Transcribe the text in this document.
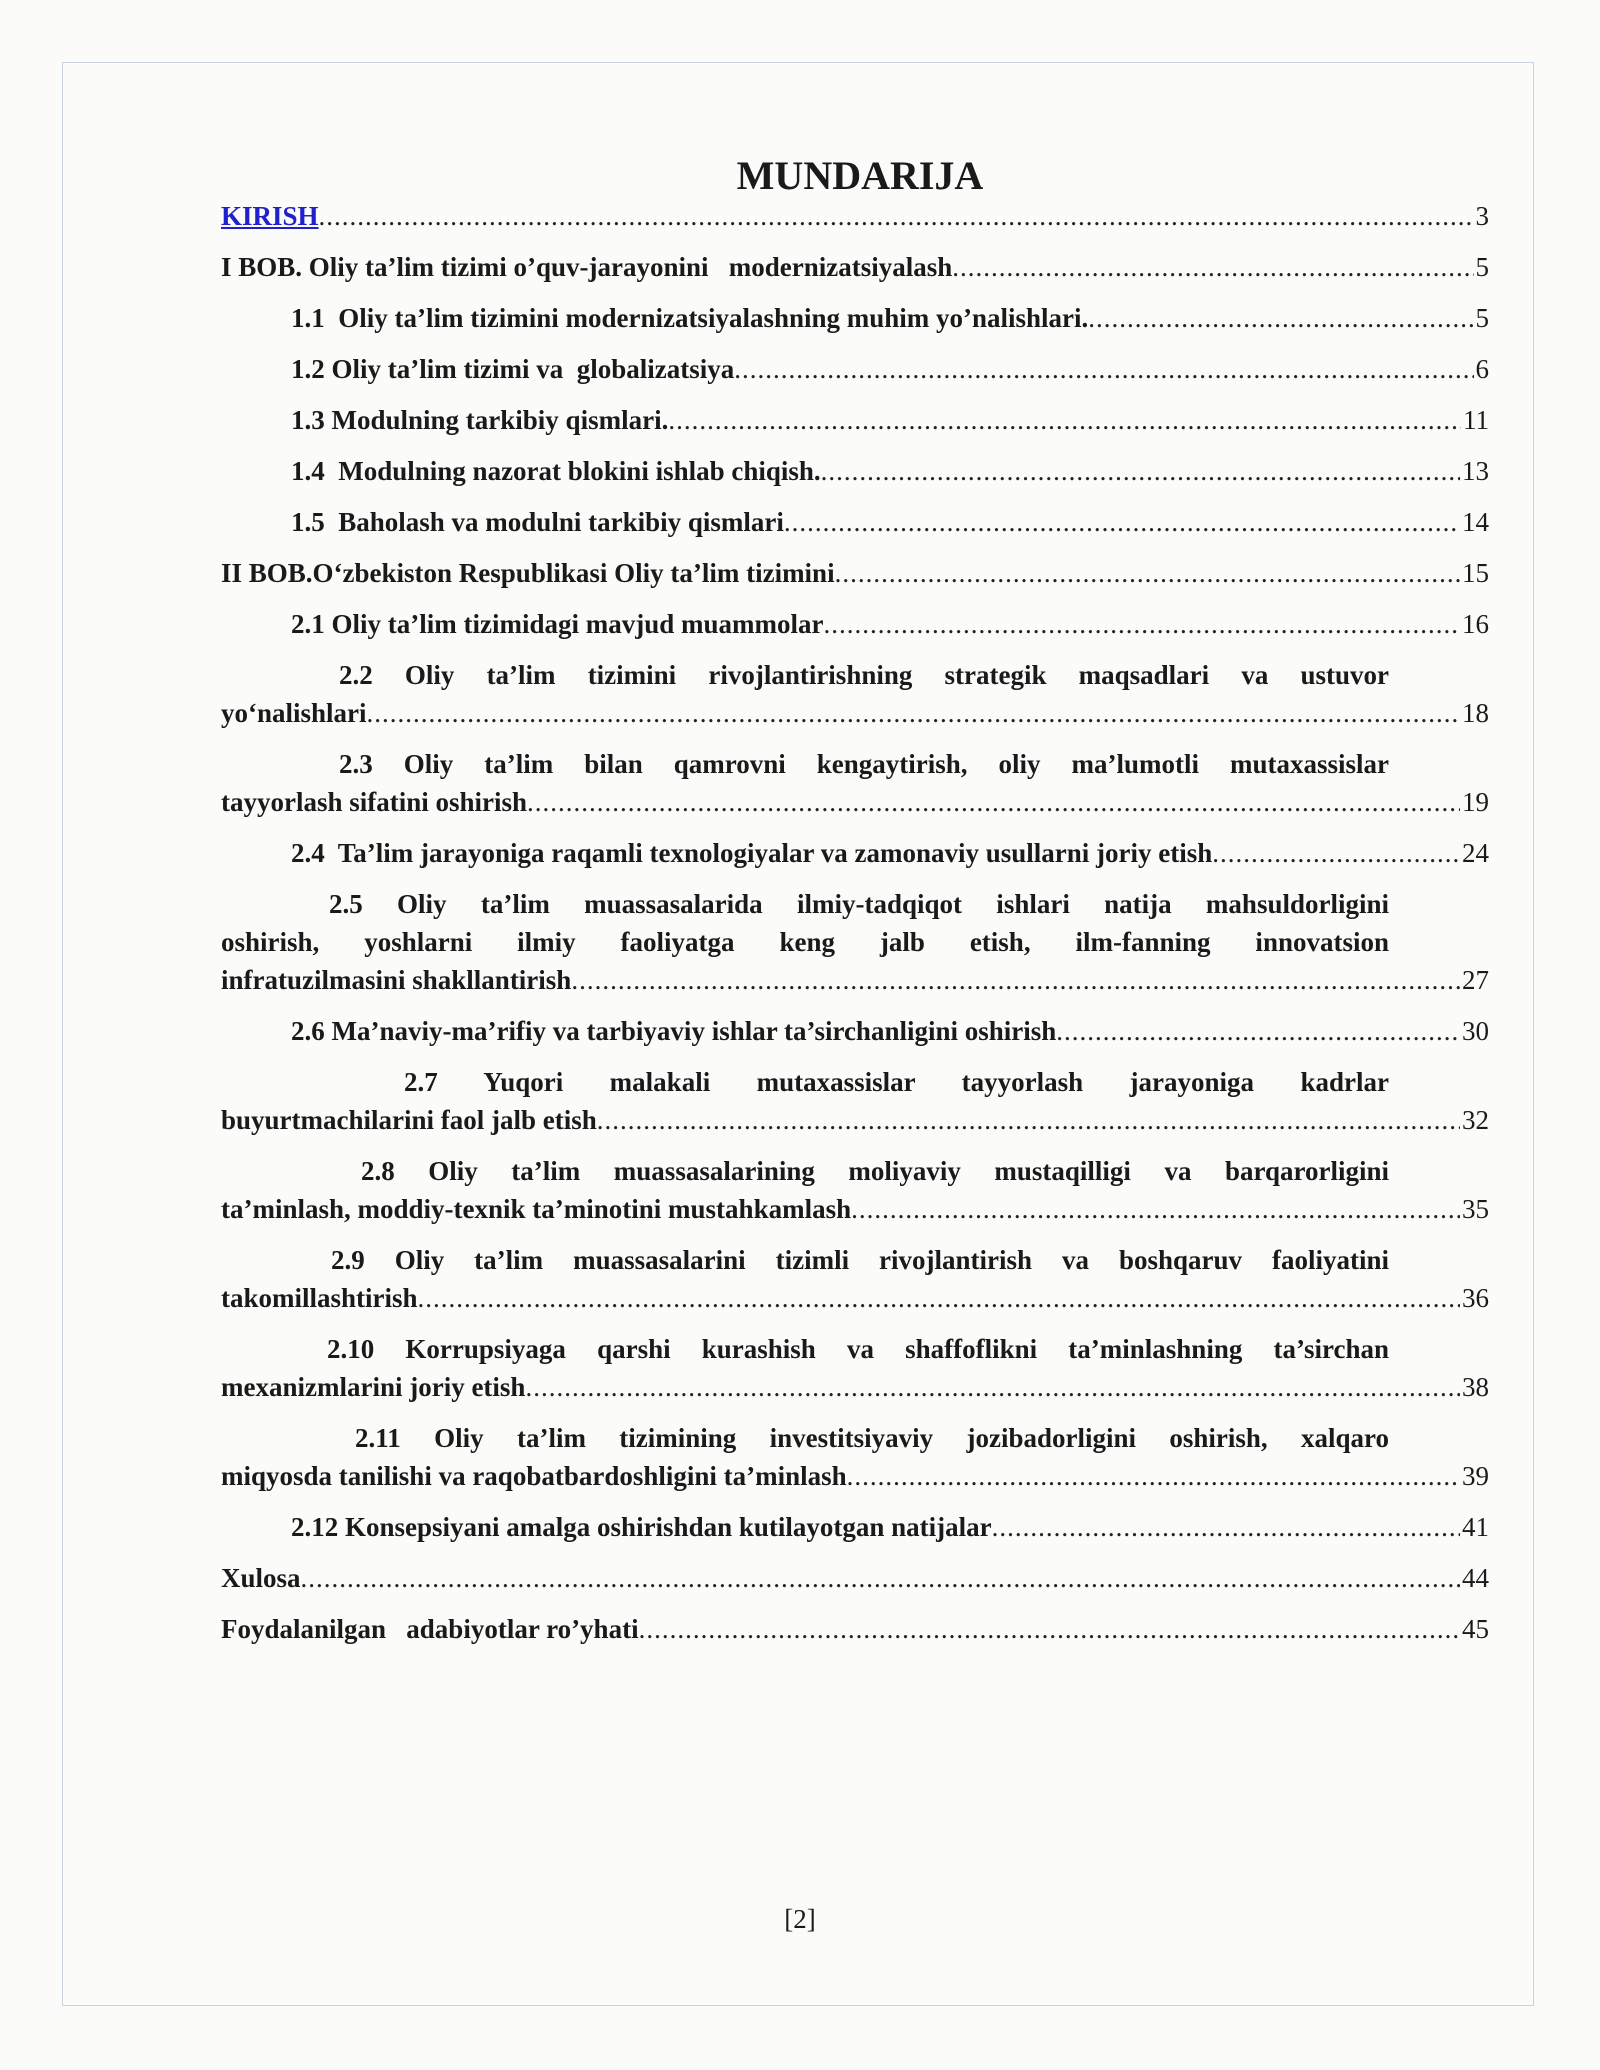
MUNDARIJA
KIRISH .....	3
I BOB. Oliy ta’lim tizimi o’quv-jarayonini   modernizatsiyalash .....	5
1.1  Oliy ta’lim tizimini modernizatsiyalashning muhim yo’nalishlari. .....	5
1.2 Oliy ta’lim tizimi va  globalizatsiya .....	6
1.3 Modulning tarkibiy qismlari. .....	11
1.4  Modulning nazorat blokini ishlab chiqish. .....	13
1.5  Baholash va modulni tarkibiy qismlari .....	14
II BOB.O‘zbekiston Respublikasi Oliy ta’lim tizimini .....	15
2.1 Oliy ta’lim tizimidagi mavjud muammolar .....	16
2.2 Oliy ta’lim tizimini rivojlantirishning strategik maqsadlari va ustuvor
yo‘nalishlari .....	18
2.3 Oliy ta’lim bilan qamrovni kengaytirish, oliy ma’lumotli mutaxassislar
tayyorlash sifatini oshirish .....	19
2.4  Ta’lim jarayoniga raqamli texnologiyalar va zamonaviy usullarni joriy etish .....	24
2.5 Oliy ta’lim muassasalarida ilmiy-tadqiqot ishlari natija mahsuldorligini
oshirish, yoshlarni ilmiy faoliyatga keng jalb etish, ilm-fanning innovatsion
infratuzilmasini shakllantirish .....	27
2.6 Ma’naviy-ma’rifiy va tarbiyaviy ishlar ta’sirchanligini oshirish .....	30
2.7 Yuqori malakali mutaxassislar tayyorlash jarayoniga kadrlar
buyurtmachilarini faol jalb etish .....	32
2.8 Oliy ta’lim muassasalarining moliyaviy mustaqilligi va barqarorligini
ta’minlash, moddiy-texnik ta’minotini mustahkamlash .....	35
2.9 Oliy ta’lim muassasalarini tizimli rivojlantirish va boshqaruv faoliyatini
takomillashtirish .....	36
2.10 Korrupsiyaga qarshi kurashish va shaffoflikni ta’minlashning ta’sirchan
mexanizmlarini joriy etish .....	38
2.11 Oliy ta’lim tizimining investitsiyaviy jozibadorligini oshirish, xalqaro
miqyosda tanilishi va raqobatbardoshligini ta’minlash .....	39
2.12 Konsepsiyani amalga oshirishdan kutilayotgan natijalar .....	41
Xulosa .....	44
Foydalanilgan   adabiyotlar ro’yhati .....	45
[2]
